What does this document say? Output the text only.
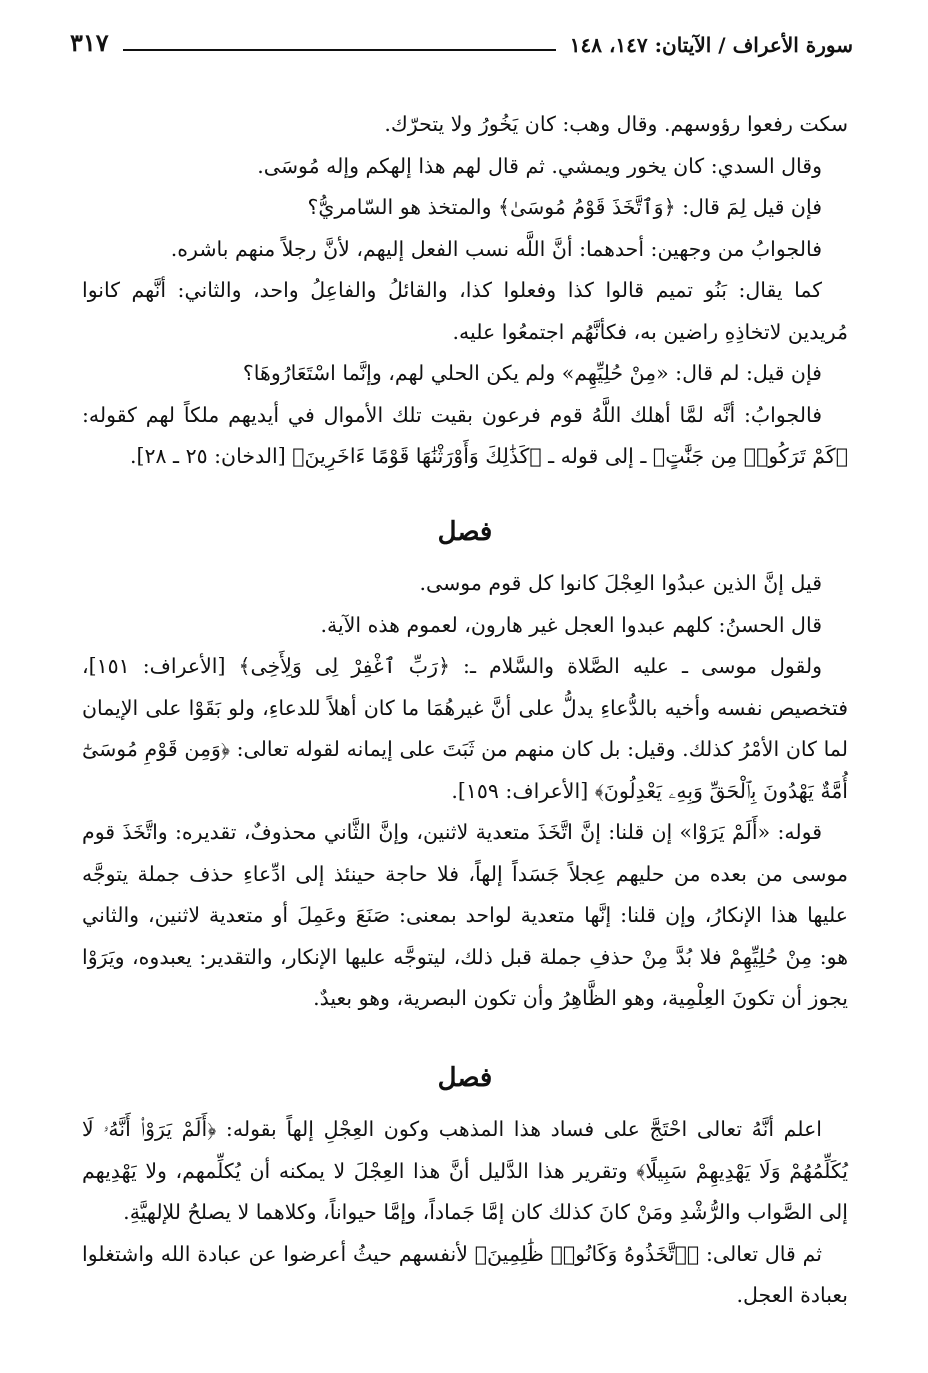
سورة الأعراف / الآيتان: ١٤٧، ١٤٨
٣١٧

سكت رفعوا رؤوسهم. وقال وهب: كان يَخُورُ ولا يتحرّك.

وقال السدي: كان يخور ويمشي. ثم قال لهم هذا إلهكم وإله مُوسَى.

فإن قيل لِمَ قال: ﴿وَٱتَّخَذَ قَوْمُ مُوسَىٰ﴾ والمتخذ هو السّامريُّ؟

فالجوابُ من وجهين: أحدهما: أنَّ اللَّه نسب الفعل إليهم، لأنَّ رجلاً منهم باشره.

كما يقال: بَنُو تميم قالوا كذا وفعلوا كذا، والقائلُ والفاعِلُ واحد، والثاني: أنَّهم كانوا مُريدين لاتخاذِهِ راضين به، فكأنَّهُم اجتمعُوا عليه.

فإن قيل: لم قال: «مِنْ حُلِيِّهِم» ولم يكن الحلي لهم، وإنَّما اسْتَعَارُوهَا؟

فالجوابُ: أنَّه لمَّا أهلك اللَّهُ قوم فرعون بقيت تلك الأموال في أيديهم ملكاً لهم كقوله: ﴿كَمْ تَرَكُوا۟ مِن جَنَّٰتٍ﴾ ـ إلى قوله ـ ﴿كَذَٰلِكَ وَأَوْرَثْنَٰهَا قَوْمًا ءَاخَرِينَ﴾ [الدخان: ٢٥ ـ ٢٨].

فصل

قيل إنَّ الذين عبدُوا العِجْلَ كانوا كل قوم موسى.

قال الحسنُ: كلهم عبدوا العجل غير هارون، لعموم هذه الآية.

ولقول موسى ـ عليه الصَّلاة والسَّلام ـ: ﴿رَبِّ ٱغْفِرْ لِى وَلِأَخِى﴾ [الأعراف: ١٥١]، فتخصيص نفسه وأخيه بالدُّعاءِ يدلُّ على أنَّ غيرهُمَا ما كان أهلاً للدعاءِ، ولو بَقَوْا على الإيمان لما كان الأمْرُ كذلك. وقيل: بل كان منهم من ثَبَتَ على إيمانه لقوله تعالى: ﴿وَمِن قَوْمِ مُوسَىٰٓ أُمَّةٌ يَهْدُونَ بِٱلْحَقِّ وَبِهِۦ يَعْدِلُونَ﴾ [الأعراف: ١٥٩].

قوله: «أَلَمْ يَرَوْا» إن قلنا: إنَّ اتَّخَذَ متعدية لاثنين، وإنَّ الثَّاني محذوفٌ، تقديره: واتَّخَذَ قوم موسى من بعده من حليهم عِجلاً جَسَداً إلهاً، فلا حاجة حينئذ إلى ادِّعاءِ حذف جملة يتوجَّه عليها هذا الإنكارُ، وإن قلنا: إنَّها متعدية لواحد بمعنى: صَنَعَ وعَمِلَ أو متعدية لاثنين، والثاني هو: مِنْ حُلِيِّهِمْ فلا بُدَّ مِنْ حذفِ جملة قبل ذلك، ليتوجَّه عليها الإنكار، والتقدير: يعبدوه، ويَرَوْا يجوز أن تكونَ العِلْمِية، وهو الظَّاهِرُ وأن تكون البصرية، وهو بعيدٌ.

فصل

اعلم أنَّهُ تعالى احْتَجَّ على فساد هذا المذهب وكون العِجْلِ إلهاً بقوله: ﴿أَلَمْ يَرَوْا۟ أَنَّهُۥ لَا يُكَلِّمُهُمْ وَلَا يَهْدِيهِمْ سَبِيلًا﴾ وتقرير هذا الدَّليل أنَّ هذا العِجْلَ لا يمكنه أن يُكلِّمهم، ولا يَهْدِيهم إلى الصَّواب والرُّشْدِ ومَنْ كانَ كذلك كان إمَّا جَماداً، وإمَّا حيواناً، وكلاهما لا يصلحُ للإلهيَّةِ.

ثم قال تعالى: ﴿ٱتَّخَذُوهُ وَكَانُوا۟ ظَٰلِمِينَ﴾ لأنفسهم حيثُ أعرضوا عن عبادة الله واشتغلوا بعبادة العجل.
